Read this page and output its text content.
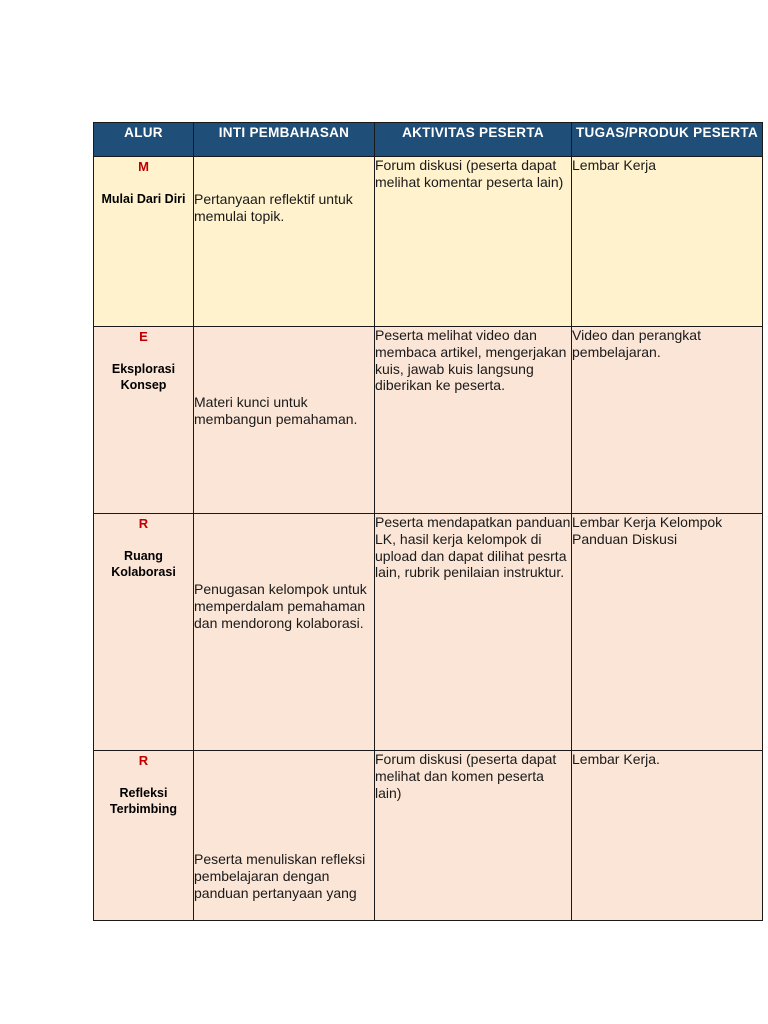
ALUR	INTI PEMBAHASAN	AKTIVITAS PESERTA	TUGAS/PRODUK PESERTA

M
Mulai Dari Diri	Pertanyaan reflektif untuk memulai topik.	Forum diskusi (peserta dapat melihat komentar peserta lain)	Lembar Kerja

E
Eksplorasi Konsep	Materi kunci untuk membangun pemahaman.	Peserta melihat video dan membaca artikel, mengerjakan kuis, jawab kuis langsung diberikan ke peserta.	Video dan perangkat pembelajaran.

R
Ruang Kolaborasi	Penugasan kelompok untuk memperdalam pemahaman dan mendorong kolaborasi.	Peserta mendapatkan panduan LK, hasil kerja kelompok di upload dan dapat dilihat pesrta lain, rubrik penilaian instruktur.	Lembar Kerja Kelompok Panduan Diskusi

R
Refleksi Terbimbing	Peserta menuliskan refleksi pembelajaran dengan panduan pertanyaan yang	Forum diskusi (peserta dapat melihat dan komen peserta lain)	Lembar Kerja.
